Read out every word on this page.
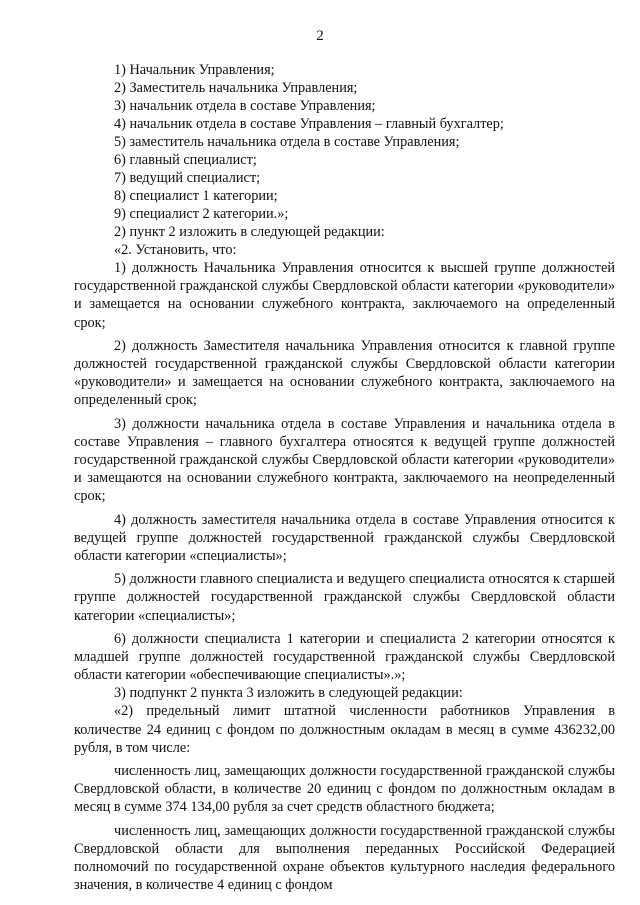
2

1) Начальник Управления;

2) Заместитель начальника Управления;

3) начальник отдела в составе Управления;

4) начальник отдела в составе Управления – главный бухгалтер;

5) заместитель начальника отдела в составе Управления;

6) главный специалист;

7) ведущий специалист;

8) специалист 1 категории;

9) специалист 2 категории.»;

2) пункт 2 изложить в следующей редакции:

«2. Установить, что:

1) должность Начальника Управления относится к высшей группе должностей государственной гражданской службы Свердловской области категории «руководители» и замещается на основании служебного контракта, заключаемого на определенный срок;

2) должность Заместителя начальника Управления относится к главной группе должностей государственной гражданской службы Свердловской области категории «руководители» и замещается на основании служебного контракта, заключаемого на определенный срок;

3) должности начальника отдела в составе Управления и начальника отдела в составе Управления – главного бухгалтера относятся к ведущей группе должностей государственной гражданской службы Свердловской области категории «руководители» и замещаются на основании служебного контракта, заключаемого на неопределенный срок;

4) должность заместителя начальника отдела в составе Управления относится к ведущей группе должностей государственной гражданской службы Свердловской области категории «специалисты»;

5) должности главного специалиста и ведущего специалиста относятся к старшей группе должностей государственной гражданской службы Свердловской области категории «специалисты»;

6) должности специалиста 1 категории и специалиста 2 категории относятся к младшей группе должностей государственной гражданской службы Свердловской области категории «обеспечивающие специалисты».»;

3) подпункт 2 пункта 3 изложить в следующей редакции:

«2) предельный лимит штатной численности работников Управления в количестве 24 единиц с фондом по должностным окладам в месяц в сумме 436232,00 рубля, в том числе:

численность лиц, замещающих должности государственной гражданской службы Свердловской области, в количестве 20 единиц с фондом по должностным окладам в месяц в сумме 374 134,00 рубля за счет средств областного бюджета;

численность лиц, замещающих должности государственной гражданской службы Свердловской области для выполнения переданных Российской Федерацией полномочий по государственной охране объектов культурного наследия федерального значения, в количестве 4 единиц с фондом
